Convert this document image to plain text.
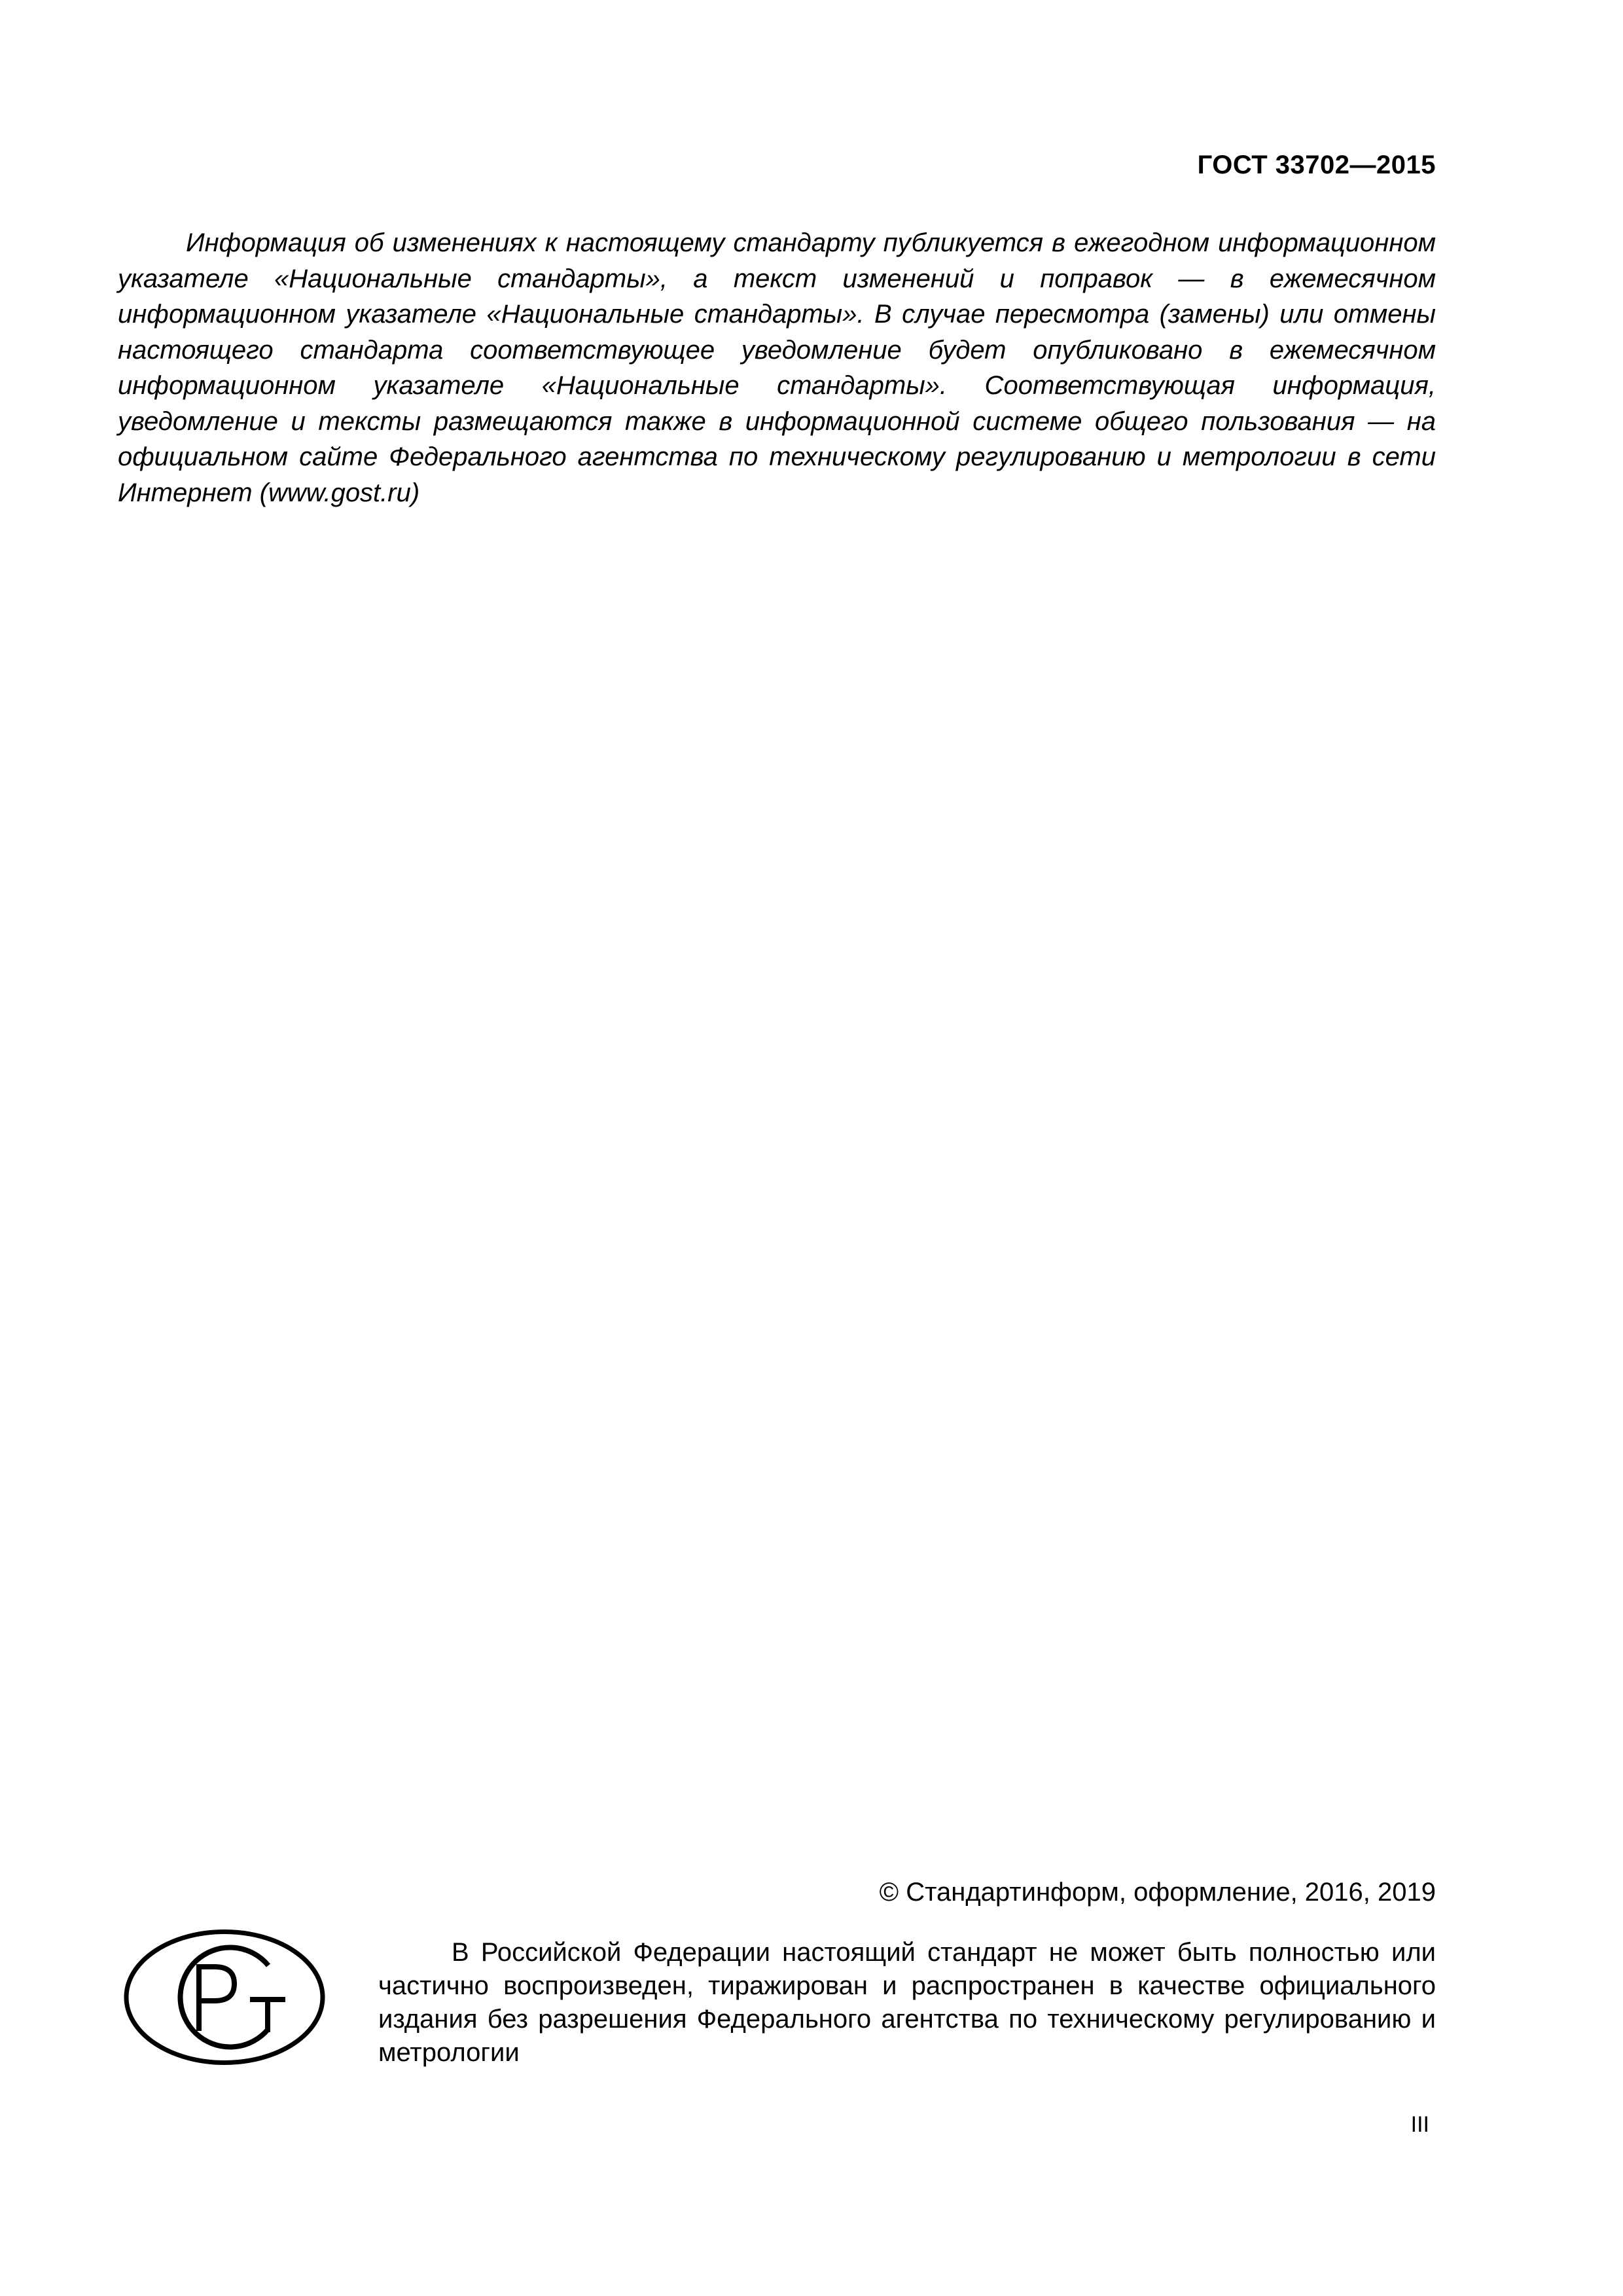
ГОСТ 33702—2015

Информация об изменениях к настоящему стандарту публикуется в ежегодном информационном указателе «Национальные стандарты», а текст изменений и поправок — в ежемесячном информационном указателе «Национальные стандарты». В случае пересмотра (замены) или отмены настоящего стандарта соответствующее уведомление будет опубликовано в ежемесячном информационном указателе «Национальные стандарты». Соответствующая информация, уведомление и тексты размещаются также в информационной системе общего пользования — на официальном сайте Федерального агентства по техническому регулированию и метрологии в сети Интернет (www.gost.ru)

© Стандартинформ, оформление, 2016, 2019

В Российской Федерации настоящий стандарт не может быть полностью или частично воспроизведен, тиражирован и распространен в качестве официального издания без разрешения Федерального агентства по техническому регулированию и метрологии

III
